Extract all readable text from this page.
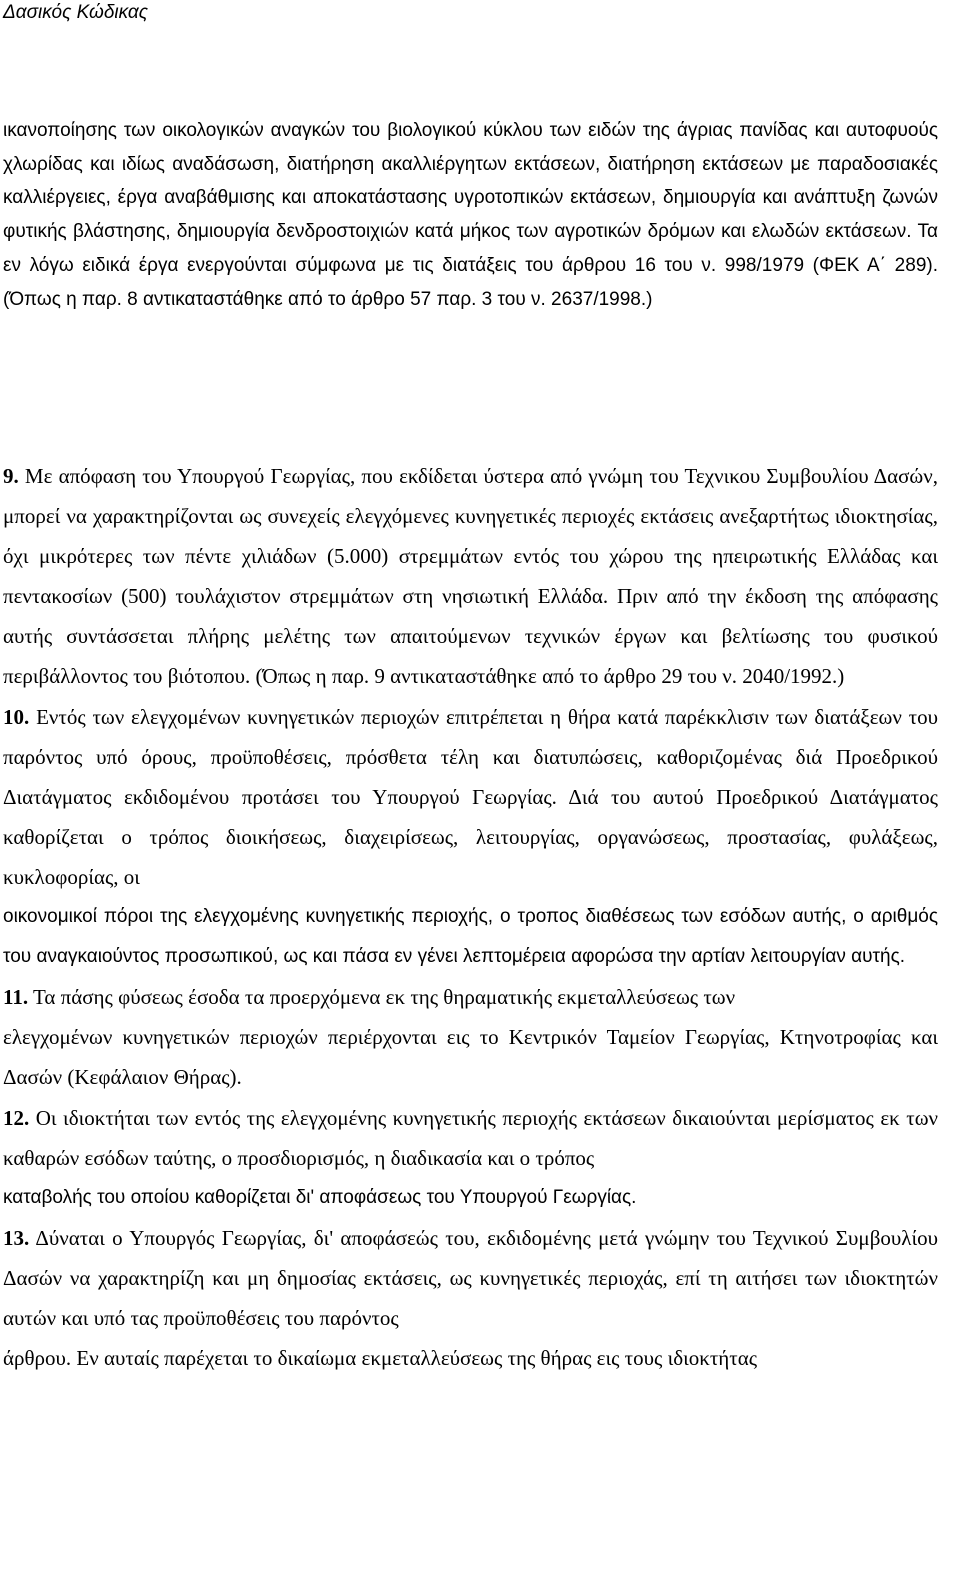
Δασικός Κώδικας

ικανοποίησης των οικολογικών αναγκών του βιολογικού κύκλου των ειδών της άγριας πανίδας και αυτοφυούς χλωρίδας και ιδίως αναδάσωση, διατήρηση ακαλλιέργητων εκτάσεων, διατήρηση εκτάσεων με παραδοσιακές καλλιέργειες, έργα αναβάθμισης και αποκατάστασης υγροτοπικών εκτάσεων, δημιουργία και ανάπτυξη ζωνών φυτικής βλάστησης, δημιουργία δενδροστοιχιών κατά μήκος των αγροτικών δρόμων και ελωδών εκτάσεων. Τα εν λόγω ειδικά έργα ενεργούνται σύμφωνα με τις διατάξεις του άρθρου 16 του ν. 998/1979 (ΦΕΚ Α΄ 289). (Όπως η παρ. 8 αντικαταστάθηκε από το άρθρο 57 παρ. 3 του ν. 2637/1998.)

9. Με απόφαση του Υπουργού Γεωργίας, που εκδίδεται ύστερα από γνώμη του Τεχνικου Συμβουλίου Δασών, μπορεί να χαρακτηρίζονται ως συνεχείς ελεγχόμενες κυνηγετικές περιοχές εκτάσεις ανεξαρτήτως ιδιοκτησίας, όχι μικρότερες των πέντε χιλιάδων (5.000) στρεμμάτων εντός του χώρου της ηπειρωτικής Ελλάδας και πεντακοσίων (500) τουλάχιστον στρεμμάτων στη νησιωτική Ελλάδα. Πριν από την έκδοση της απόφασης αυτής συντάσσεται πλήρης μελέτης των απαιτούμενων τεχνικών έργων και βελτίωσης του φυσικού περιβάλλοντος του βιότοπου. (Όπως η παρ. 9 αντικαταστάθηκε από το άρθρο 29 του ν. 2040/1992.)

10. Εντός των ελεγχομένων κυνηγετικών περιοχών επιτρέπεται η θήρα κατά παρέκκλισιν των διατάξεων του παρόντος υπό όρους, προϋποθέσεις, πρόσθετα τέλη και διατυπώσεις, καθοριζομένας διά Προεδρικού Διατάγματος εκδιδομένου προτάσει του Υπουργού Γεωργίας. Διά του αυτού Προεδρικού Διατάγματος καθορίζεται ο τρόπος διοικήσεως, διαχειρίσεως, λειτουργίας, οργανώσεως, προστασίας, φυλάξεως, κυκλοφορίας, οι

οικονομικοί πόροι της ελεγχομένης κυνηγετικής περιοχής, ο τροπος διαθέσεως των εσόδων αυτής, ο αριθμός του αναγκαιούντος προσωπικού, ως και πάσα εν γένει λεπτομέρεια αφορώσα την αρτίαν λειτουργίαν αυτής.

11. Τα πάσης φύσεως έσοδα τα προερχόμενα εκ της θηραματικής εκμεταλλεύσεως των

ελεγχομένων κυνηγετικών περιοχών περιέρχονται εις το Κεντρικόν Ταμείον Γεωργίας, Κτηνοτροφίας και Δασών (Κεφάλαιον Θήρας).

12. Οι ιδιοκτήται των εντός της ελεγχομένης κυνηγετικής περιοχής εκτάσεων δικαιούνται μερίσματος εκ των καθαρών εσόδων ταύτης, ο προσδιορισμός, η διαδικασία και ο τρόπος

καταβολής του οποίου καθορίζεται δι' αποφάσεως του Υπουργού Γεωργίας.

13. Δύναται ο Υπουργός Γεωργίας, δι' αποφάσεώς του, εκδιδομένης μετά γνώμην του Τεχνικού Συμβουλίου Δασών να χαρακτηρίζη και μη δημοσίας εκτάσεις, ως κυνηγετικές περιοχάς, επί τη αιτήσει των ιδιοκτητών αυτών και υπό τας προϋποθέσεις του παρόντος

άρθρου. Εν αυταίς παρέχεται το δικαίωμα εκμεταλλεύσεως της θήρας εις τους ιδιοκτήτας
